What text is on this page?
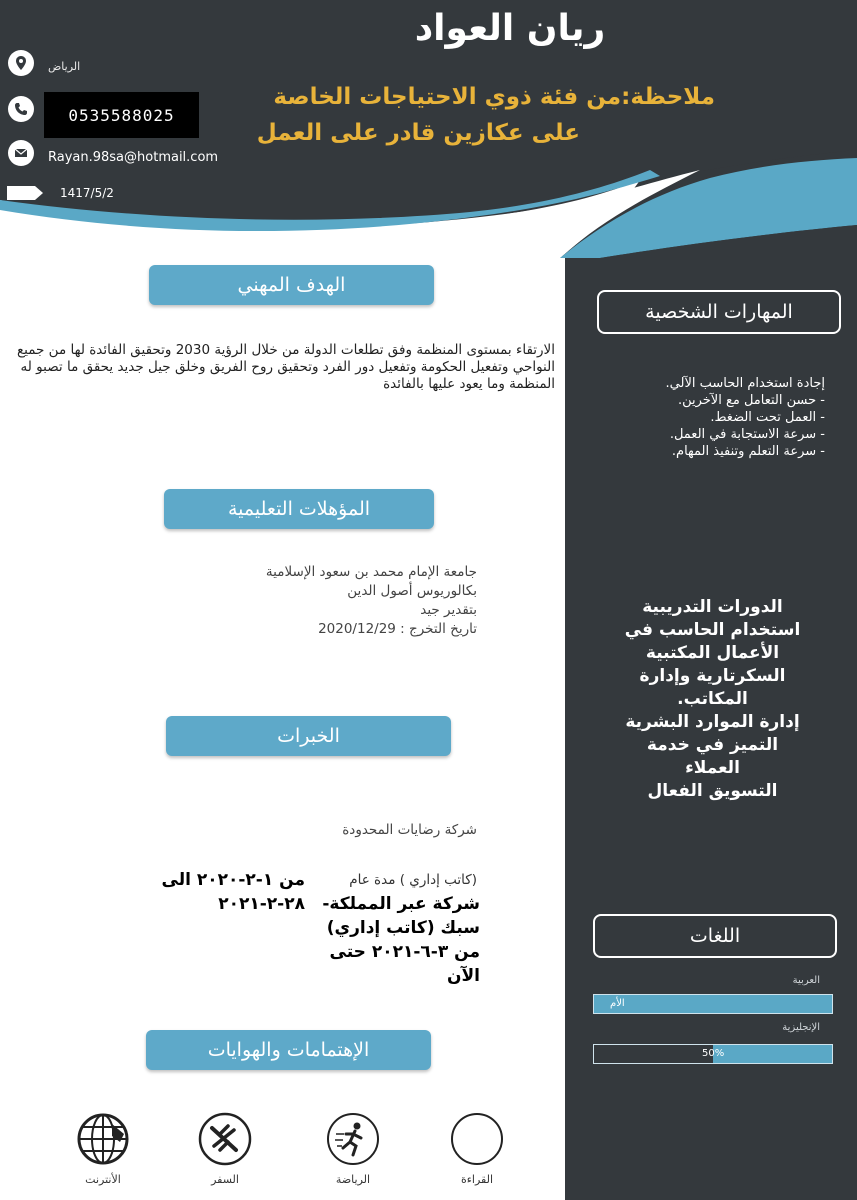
ريان العواد
ملاحظة:من فئة ذوي الاحتياجات الخاصة
على عكازين قادر على العمل
الرياض
0535588025
Rayan.98sa@hotmail.com
1417/5/2
المهارات الشخصية
إجادة استخدام الحاسب الآلي.
- حسن التعامل مع الآخرين.
- العمل تحت الضغط.
- سرعة الاستجابة في العمل.
- سرعة التعلم وتنفيذ المهام.
الدورات التدريبية
استخدام الحاسب في
الأعمال المكتبية
السكرتارية وإدارة
المكاتب.
إدارة الموارد البشرية
التميز في خدمة
العملاء
التسويق الفعال
اللغات
العربية
الأم
الإنجليزية
50%
الهدف المهني
الارتقاء بمستوى المنظمة وفق تطلعات الدولة من خلال الرؤية 2030 وتحقيق الفائدة لها من جميع النواحي وتفعيل الحكومة وتفعيل دور الفرد وتحقيق روح الفريق وخلق جيل جديد يحقق ما تصبو له المنظمة وما يعود عليها بالفائدة
المؤهلات التعليمية
جامعة الإمام محمد بن سعود الإسلامية
بكالوريوس أصول الدين
بتقدير جيد
تاريخ التخرج : 2020/12/29
الخبرات
شركة رضايات المحدودة
(كاتب إداري ) مدة عام
من ١-٢-٢٠٢٠ الى ٢٨-٢-٢٠٢١	شركة عبر المملكة- سبك (كاتب إداري) من ٣-٦-٢٠٢١ حتى الآن
الإهتمامات والهوايات
القراءة
الرياضة
السفر
الأنترنت
